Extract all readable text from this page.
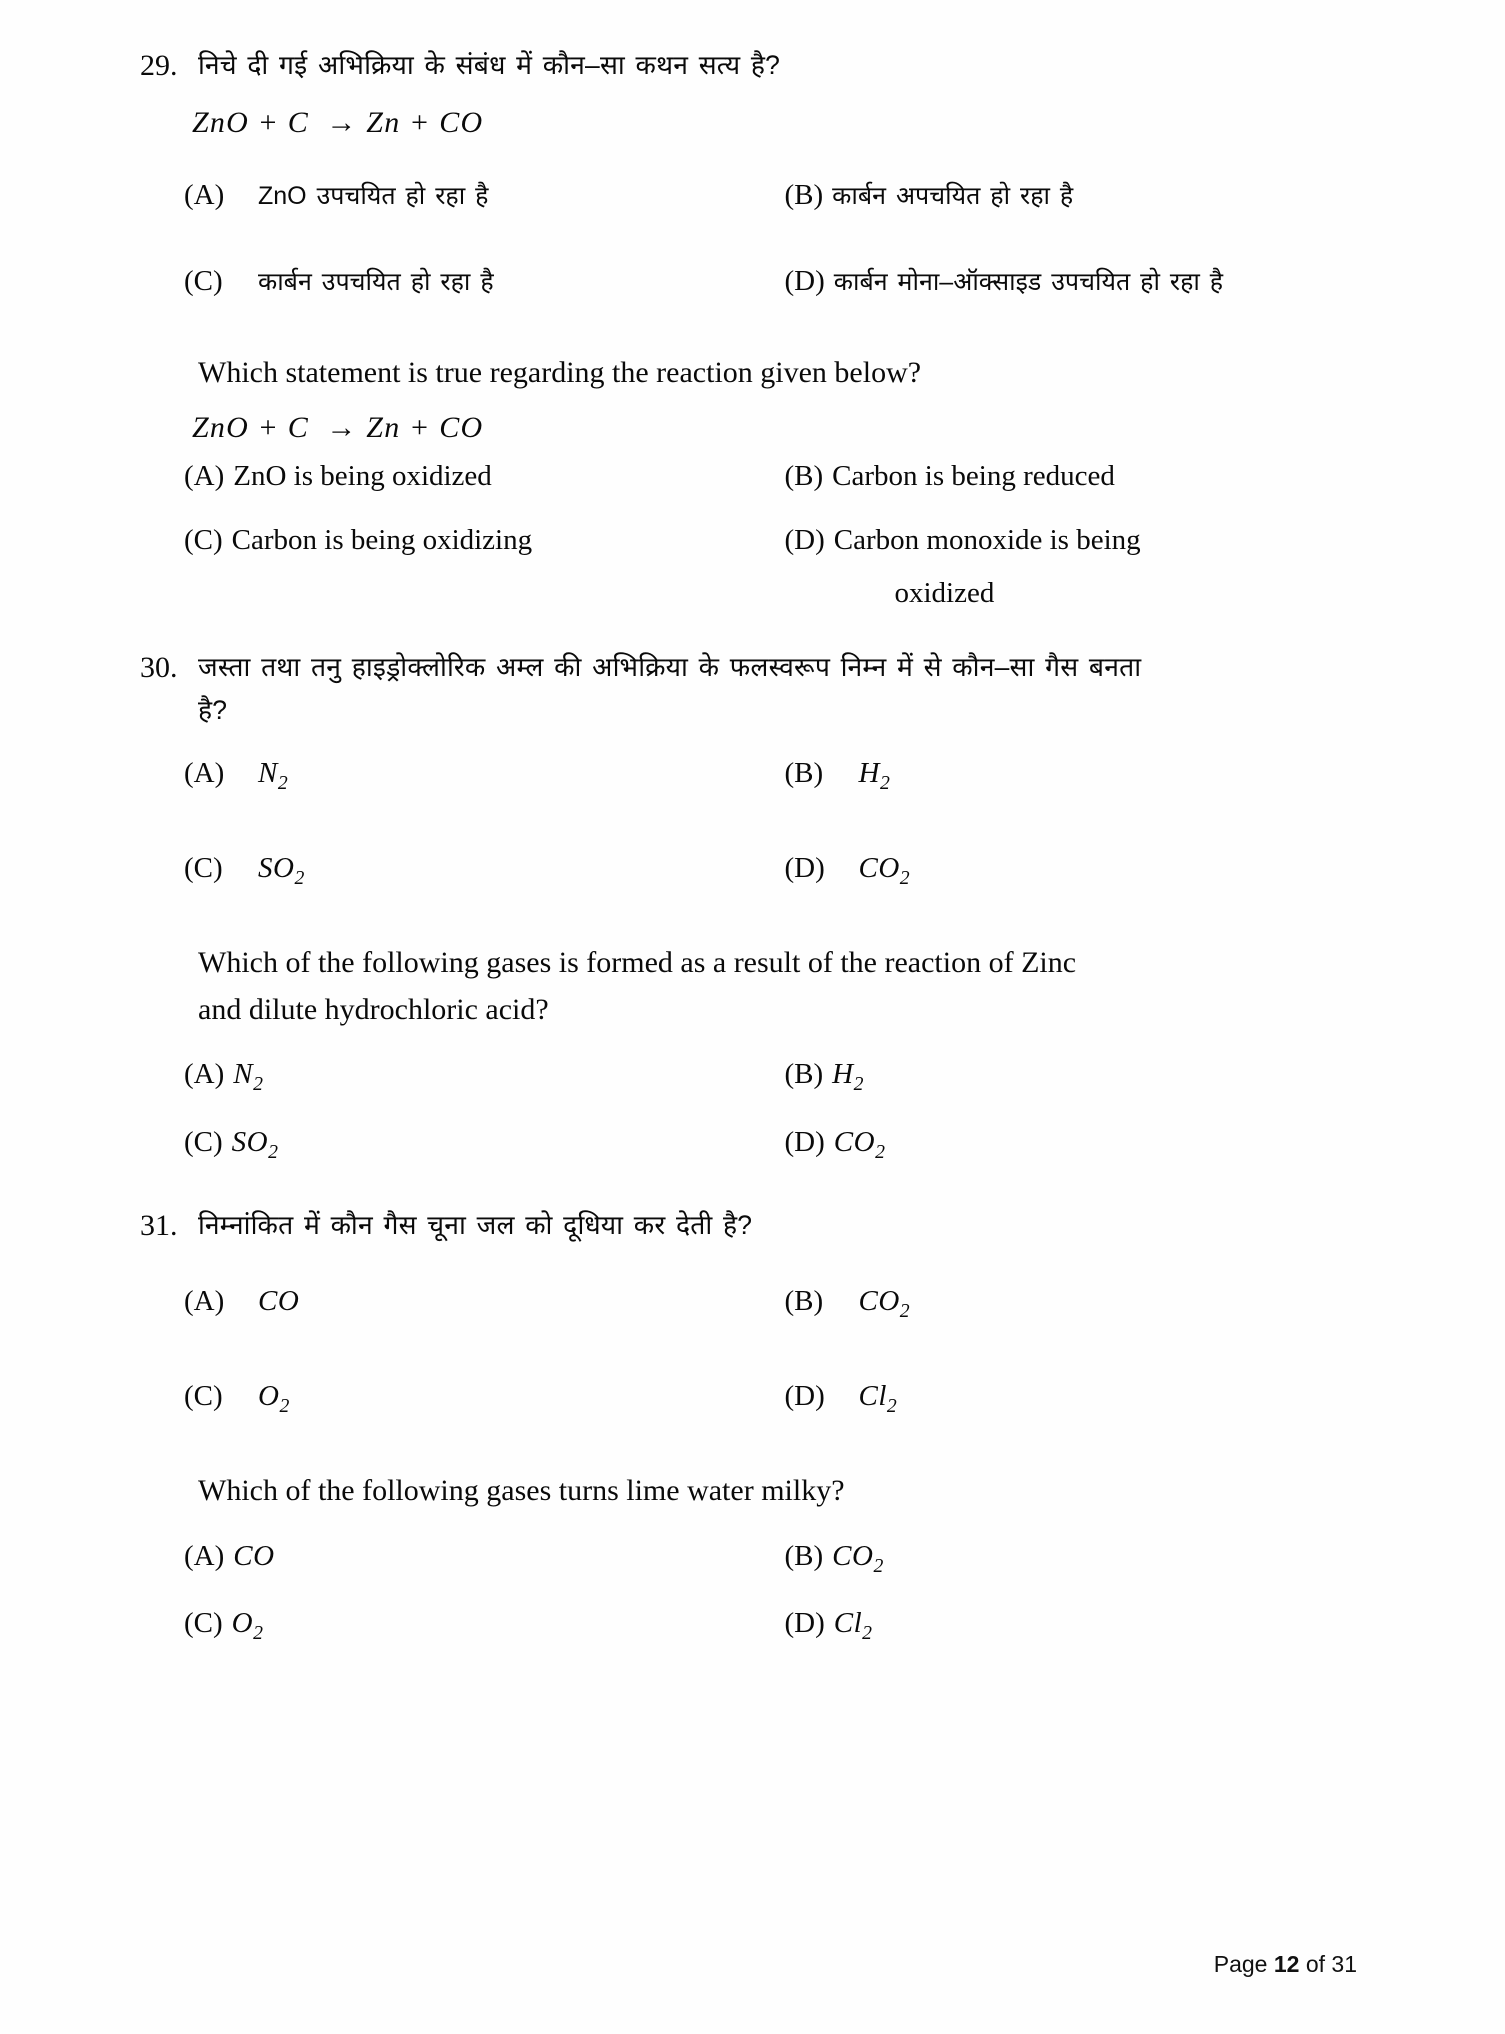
29. निचे दी गई अभिक्रिया के संबंध में कौन–सा कथन सत्य है?
ZnO + C  → Zn + CO
(A)	ZnO उपचयित हो रहा है	(B) कार्बन अपचयित हो रहा है
(C)	कार्बन उपचयित हो रहा है	(D) कार्बन मोना–ऑक्साइड उपचयित हो रहा है
Which statement is true regarding the reaction given below?
ZnO + C  → Zn + CO
(A) ZnO is being oxidized	(B) Carbon is being reduced
(C) Carbon is being oxidizing	(D) Carbon monoxide is being
oxidized
30. जस्ता तथा तनु हाइड्रोक्लोरिक अम्ल की अभिक्रिया के फलस्वरूप निम्न में से कौन–सा गैस बनता
है?
(A)	$N_2$	(B)	$H_2$
(C)	$SO_2$	(D)	$CO_2$
Which of the following gases is formed as a result of the reaction of Zinc
and dilute hydrochloric acid?
(A) $N_2$	(B) $H_2$
(C) $SO_2$	(D) $CO_2$
31. निम्नांकित में कौन गैस चूना जल को दूधिया कर देती है?
(A)	CO	(B)	$CO_2$
(C)	$O_2$	(D)	$Cl_2$
Which of the following gases turns lime water milky?
(A) CO	(B) $CO_2$
(C) $O_2$	(D) $Cl_2$
Page 12 of 31
